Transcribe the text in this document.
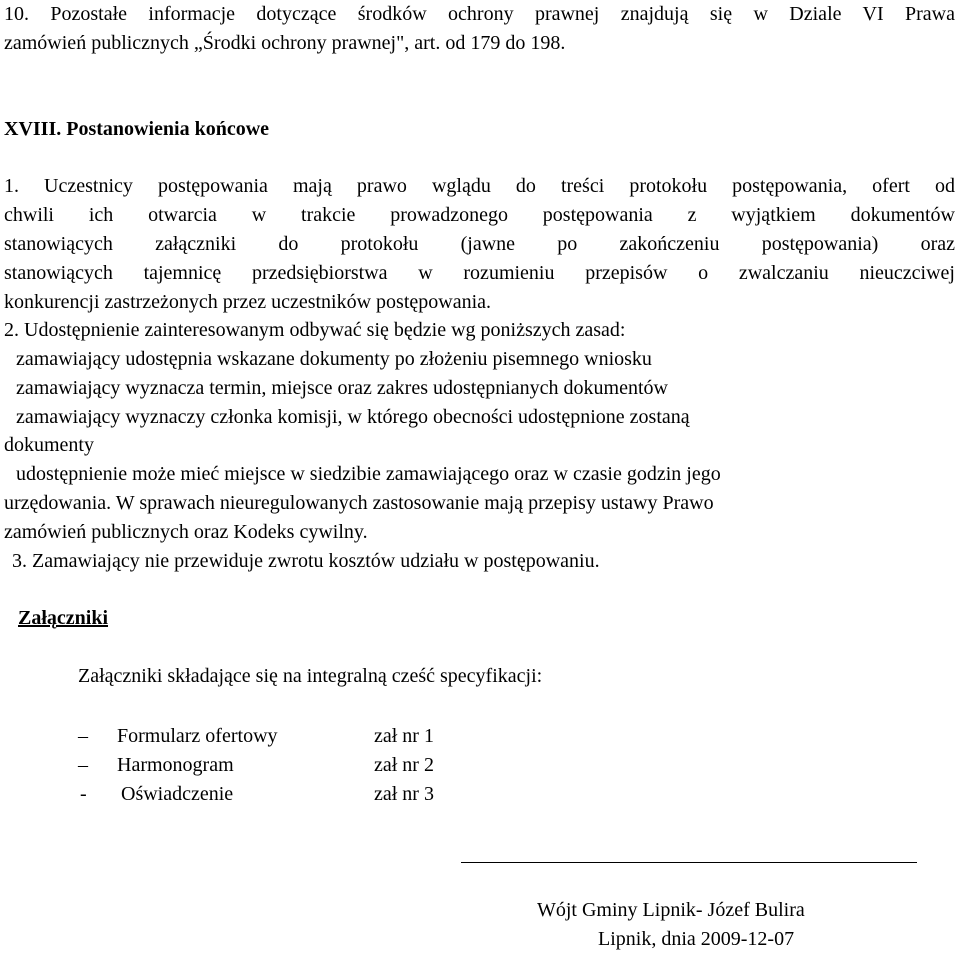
10. Pozostałe informacje dotyczące środków ochrony prawnej znajdują się w Dziale VI Prawa
zamówień publicznych „Środki ochrony prawnej", art. od 179 do 198.
XVIII. Postanowienia końcowe
1. Uczestnicy postępowania mają prawo wglądu do treści protokołu postępowania, ofert od
chwili ich otwarcia w trakcie prowadzonego postępowania z wyjątkiem dokumentów
stanowiących załączniki do protokołu (jawne po zakończeniu postępowania) oraz
stanowiących tajemnicę przedsiębiorstwa w rozumieniu przepisów o zwalczaniu nieuczciwej
konkurencji zastrzeżonych przez uczestników postępowania.
2. Udostępnienie zainteresowanym odbywać się będzie wg poniższych zasad:
zamawiający udostępnia wskazane dokumenty po złożeniu pisemnego wniosku
zamawiający wyznacza termin, miejsce oraz zakres udostępnianych dokumentów
zamawiający wyznaczy członka komisji, w którego obecności udostępnione zostaną
dokumenty
udostępnienie może mieć miejsce w siedzibie zamawiającego oraz w czasie godzin jego
urzędowania. W sprawach nieuregulowanych zastosowanie mają przepisy ustawy Prawo
zamówień publicznych oraz Kodeks cywilny.
3. Zamawiający nie przewiduje zwrotu kosztów udziału w postępowaniu.
Załączniki
Załączniki składające się na integralną cześć specyfikacji:
– Formularz ofertowy	zał nr 1
– Harmonogram	zał nr 2
- Oświadczenie	zał nr 3
Wójt Gminy Lipnik- Józef Bulira
Lipnik, dnia 2009-12-07
